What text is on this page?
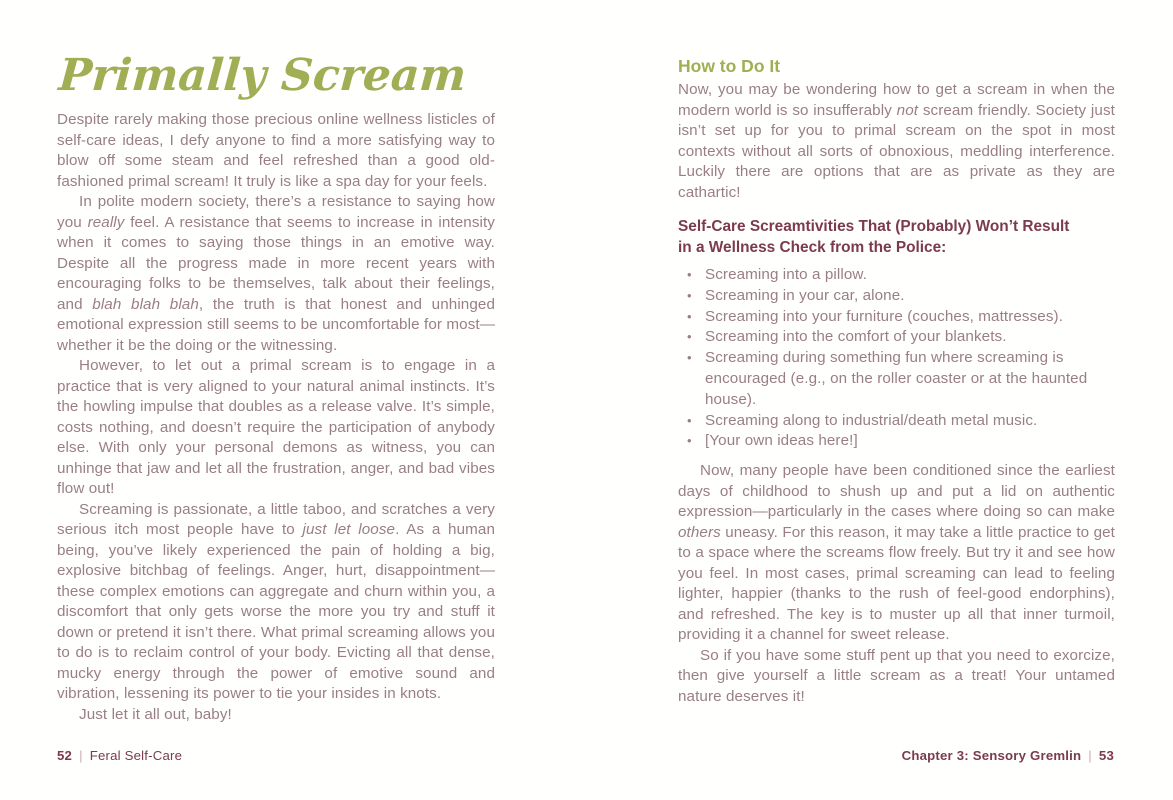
Primally Scream

Despite rarely making those precious online wellness listicles of self-care ideas, I defy anyone to find a more satisfying way to blow off some steam and feel refreshed than a good old-fashioned primal scream! It truly is like a spa day for your feels.

In polite modern society, there’s a resistance to saying how you really feel. A resistance that seems to increase in intensity when it comes to saying those things in an emotive way. Despite all the progress made in more recent years with encouraging folks to be themselves, talk about their feelings, and blah blah blah, the truth is that honest and unhinged emotional expression still seems to be uncomfortable for most—whether it be the doing or the witnessing.

However, to let out a primal scream is to engage in a practice that is very aligned to your natural animal instincts. It’s the howling impulse that doubles as a release valve. It’s simple, costs nothing, and doesn’t require the participation of anybody else. With only your personal demons as witness, you can unhinge that jaw and let all the frustration, anger, and bad vibes flow out!

Screaming is passionate, a little taboo, and scratches a very serious itch most people have to just let loose. As a human being, you’ve likely experienced the pain of holding a big, explosive bitchbag of feelings. Anger, hurt, disappointment—these complex emotions can aggregate and churn within you, a discomfort that only gets worse the more you try and stuff it down or pretend it isn’t there. What primal screaming allows you to do is to reclaim control of your body. Evicting all that dense, mucky energy through the power of emotive sound and vibration, lessening its power to tie your insides in knots.

Just let it all out, baby!

How to Do It

Now, you may be wondering how to get a scream in when the modern world is so insufferably not scream friendly. Society just isn’t set up for you to primal scream on the spot in most contexts without all sorts of obnoxious, meddling interference. Luckily there are options that are as private as they are cathartic!

Self-Care Screamtivities That (Probably) Won’t Result
in a Wellness Check from the Police:
• Screaming into a pillow.
• Screaming in your car, alone.
• Screaming into your furniture (couches, mattresses).
• Screaming into the comfort of your blankets.
• Screaming during something fun where screaming is encouraged (e.g., on the roller coaster or at the haunted house).
• Screaming along to industrial/death metal music.
• [Your own ideas here!]

Now, many people have been conditioned since the earliest days of childhood to shush up and put a lid on authentic expression—particularly in the cases where doing so can make others uneasy. For this reason, it may take a little practice to get to a space where the screams flow freely. But try it and see how you feel. In most cases, primal screaming can lead to feeling lighter, happier (thanks to the rush of feel-good endorphins), and refreshed. The key is to muster up all that inner turmoil, providing it a channel for sweet release.

So if you have some stuff pent up that you need to exorcize, then give yourself a little scream as a treat! Your untamed nature deserves it!

52 | Feral Self-Care	Chapter 3: Sensory Gremlin | 53
